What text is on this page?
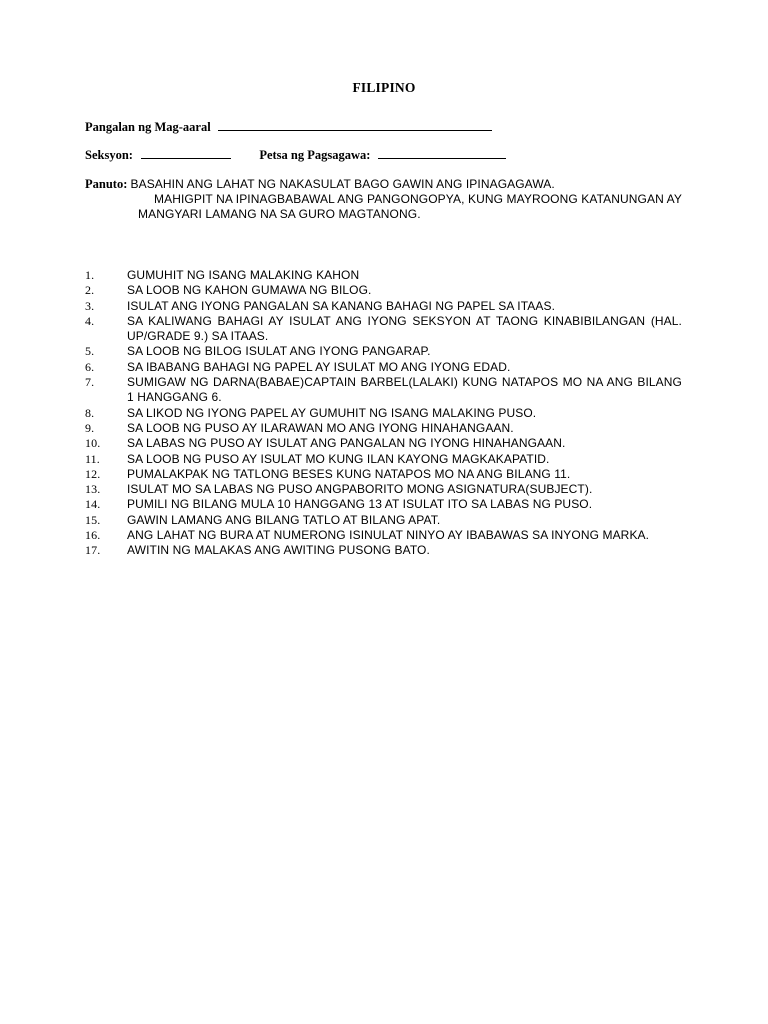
FILIPINO
Pangalan ng Mag-aaral
Seksyon:	Petsa ng Pagsagawa:
Panuto: BASAHIN ANG LAHAT NG NAKASULAT BAGO GAWIN ANG IPINAGAGAWA.
MAHIGPIT NA IPINAGBABAWAL ANG PANGONGOPYA, KUNG MAYROONG KATANUNGAN AY MANGYARI LAMANG NA SA GURO MAGTANONG.
1.	GUMUHIT NG ISANG MALAKING KAHON
2.	SA LOOB NG KAHON GUMAWA NG BILOG.
3.	ISULAT ANG IYONG PANGALAN SA KANANG BAHAGI NG PAPEL SA ITAAS.
4.	SA KALIWANG BAHAGI AY ISULAT ANG IYONG SEKSYON AT TAONG KINABIBILANGAN (HAL. UP/GRADE 9.) SA ITAAS.
5.	SA LOOB NG BILOG ISULAT ANG IYONG PANGARAP.
6.	SA IBABANG BAHAGI NG PAPEL AY ISULAT MO ANG IYONG EDAD.
7.	SUMIGAW NG DARNA(BABAE)CAPTAIN BARBEL(LALAKI) KUNG NATAPOS MO NA ANG BILANG 1 HANGGANG 6.
8.	SA LIKOD NG IYONG PAPEL AY GUMUHIT NG ISANG MALAKING PUSO.
9.	SA LOOB NG PUSO AY ILARAWAN MO ANG IYONG HINAHANGAAN.
10.	SA LABAS NG PUSO AY ISULAT ANG PANGALAN NG IYONG HINAHANGAAN.
11.	SA LOOB NG PUSO AY ISULAT MO KUNG ILAN KAYONG MAGKAKAPATID.
12.	PUMALAKPAK NG TATLONG BESES KUNG NATAPOS MO NA ANG BILANG 11.
13.	ISULAT MO SA LABAS NG PUSO ANGPABORITO MONG ASIGNATURA(SUBJECT).
14.	PUMILI NG BILANG MULA 10 HANGGANG 13 AT ISULAT ITO SA LABAS NG PUSO.
15.	GAWIN LAMANG ANG BILANG TATLO AT BILANG APAT.
16.	ANG LAHAT NG BURA AT NUMERONG ISINULAT NINYO AY IBABAWAS SA INYONG MARKA.
17.	AWITIN NG MALAKAS ANG AWITING PUSONG BATO.
